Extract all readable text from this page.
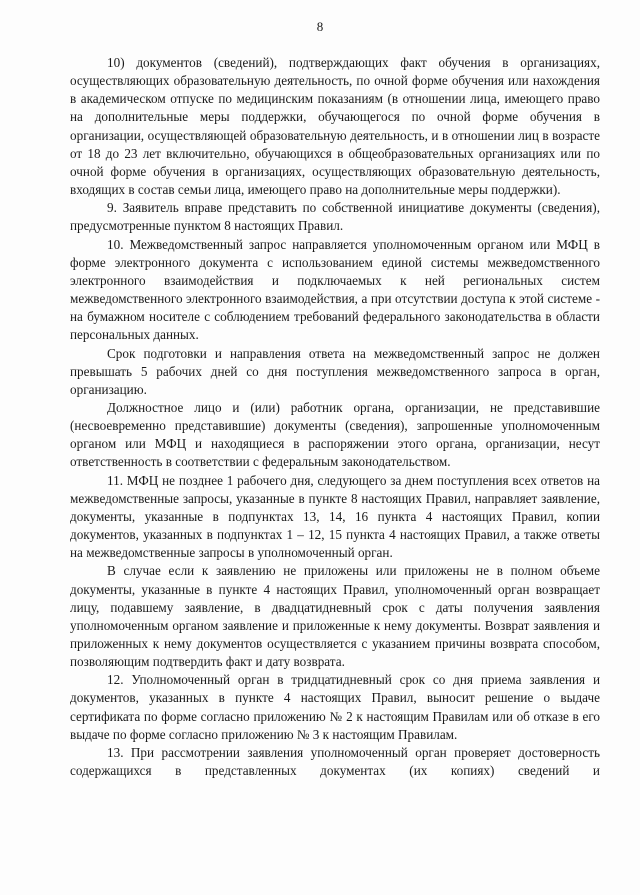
8

10) документов (сведений), подтверждающих факт обучения в организациях, осуществляющих образовательную деятельность, по очной форме обучения или нахождения в академическом отпуске по медицинским показаниям (в отношении лица, имеющего право на дополнительные меры поддержки, обучающегося по очной форме обучения в организации, осуществляющей образовательную деятельность, и в отношении лиц в возрасте от 18 до 23 лет включительно, обучающихся в общеобразовательных организациях или по очной форме обучения в организациях, осуществляющих образовательную деятельность, входящих в состав семьи лица, имеющего право на дополнительные меры поддержки).

9. Заявитель вправе представить по собственной инициативе документы (сведения), предусмотренные пунктом 8 настоящих Правил.

10. Межведомственный запрос направляется уполномоченным органом или МФЦ в форме электронного документа с использованием единой системы межведомственного электронного взаимодействия и подключаемых к ней региональных систем межведомственного электронного взаимодействия, а при отсутствии доступа к этой системе - на бумажном носителе с соблюдением требований федерального законодательства в области персональных данных.

Срок подготовки и направления ответа на межведомственный запрос не должен превышать 5 рабочих дней со дня поступления межведомственного запроса в орган, организацию.

Должностное лицо и (или) работник органа, организации, не представившие (несвоевременно представившие) документы (сведения), запрошенные уполномоченным органом или МФЦ и находящиеся в распоряжении этого органа, организации, несут ответственность в соответствии с федеральным законодательством.

11. МФЦ не позднее 1 рабочего дня, следующего за днем поступления всех ответов на межведомственные запросы, указанные в пункте 8 настоящих Правил, направляет заявление, документы, указанные в подпунктах 13, 14, 16 пункта 4 настоящих Правил, копии документов, указанных в подпунктах 1 – 12, 15 пункта 4 настоящих Правил, а также ответы на межведомственные запросы в уполномоченный орган.

В случае если к заявлению не приложены или приложены не в полном объеме документы, указанные в пункте 4 настоящих Правил, уполномоченный орган возвращает лицу, подавшему заявление, в двадцатидневный срок с даты получения заявления уполномоченным органом заявление и приложенные к нему документы. Возврат заявления и приложенных к нему документов осуществляется с указанием причины возврата способом, позволяющим подтвердить факт и дату возврата.

12. Уполномоченный орган в тридцатидневный срок со дня приема заявления и документов, указанных в пункте 4 настоящих Правил, выносит решение о выдаче сертификата по форме согласно приложению № 2 к настоящим Правилам или об отказе в его выдаче по форме согласно приложению № 3 к настоящим Правилам.

13. При рассмотрении заявления уполномоченный орган проверяет достоверность содержащихся в представленных документах (их копиях) сведений и
